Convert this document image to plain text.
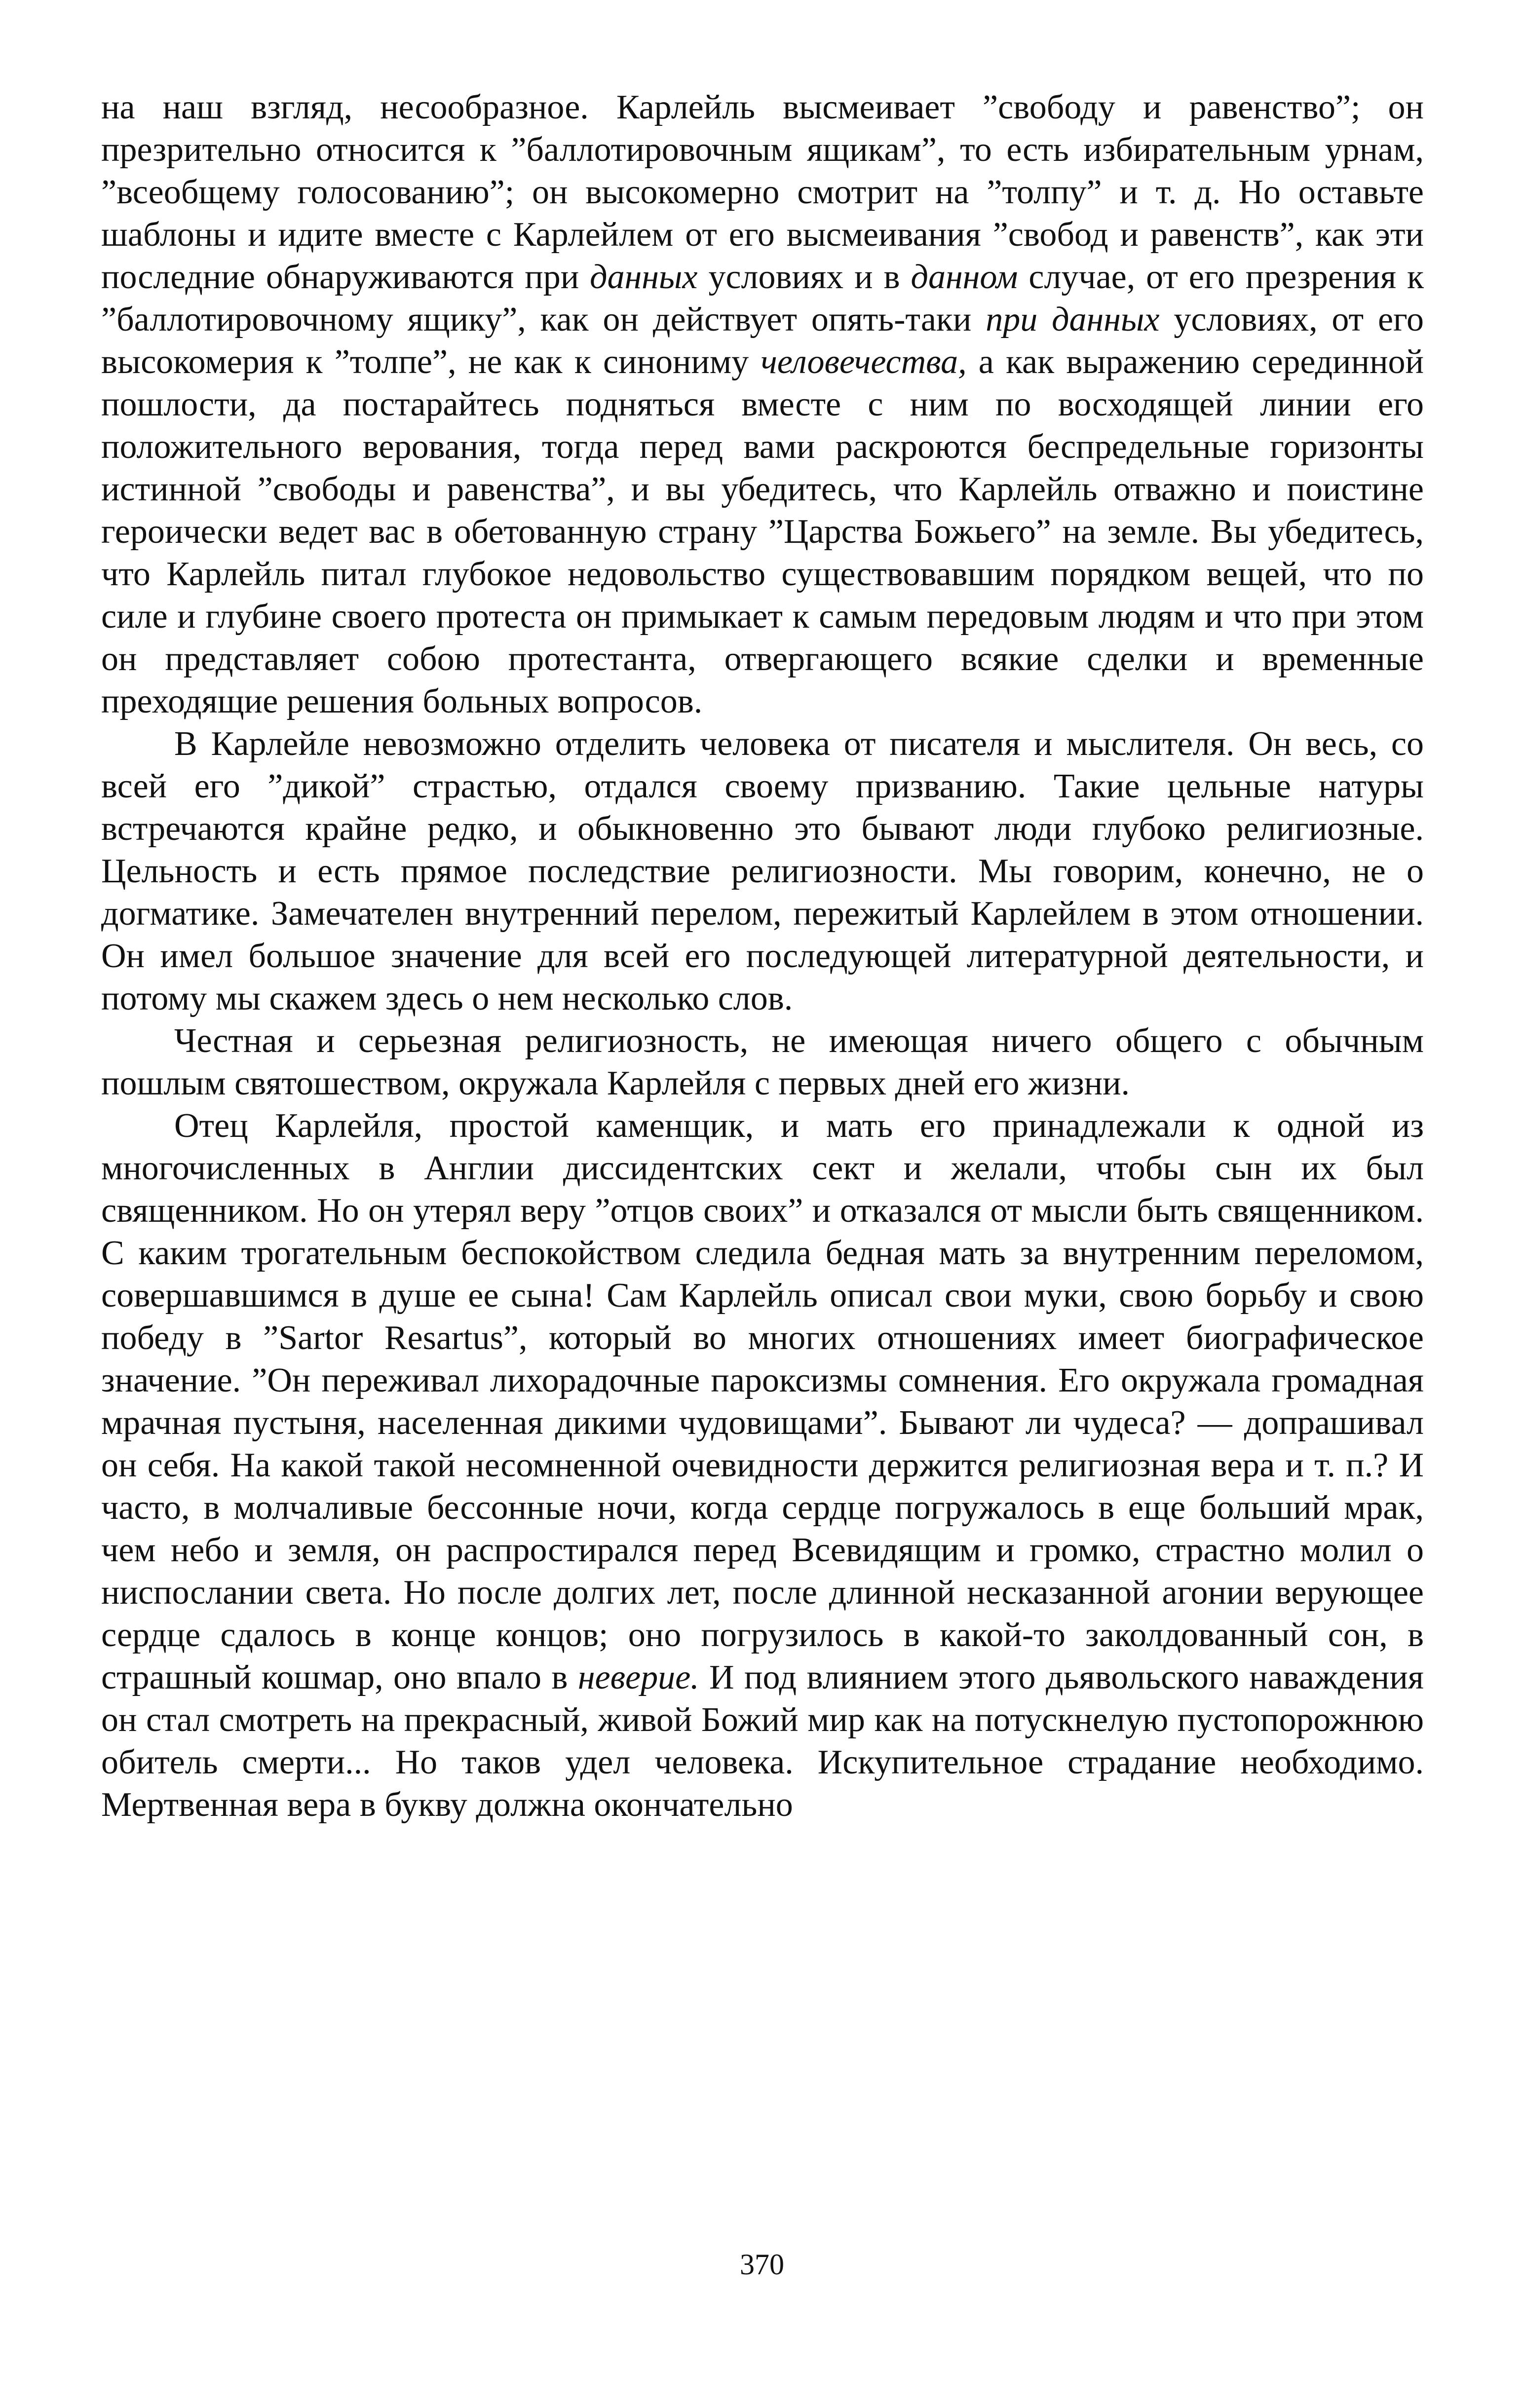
на наш взгляд, несообразное. Карлейль высмеивает ”свободу и равенство”; он презрительно относится к ”баллотировочным ящикам”, то есть избирательным урнам, ”всеобщему голосованию”; он высокомерно смотрит на ”толпу” и т. д. Но оставьте шаблоны и идите вместе с Карлейлем от его высмеивания ”свобод и равенств”, как эти последние обнаруживаются при данных условиях и в данном случае, от его презрения к ”баллотировочному ящику”, как он действует опять-таки при данных условиях, от его высокомерия к ”толпе”, не как к синониму человечества, а как выражению серединной пошлости, да постарайтесь подняться вместе с ним по восходящей линии его положительного верования, тогда перед вами раскроются беспредельные горизонты истинной ”свободы и равенства”, и вы убедитесь, что Карлейль отважно и поистине героически ведет вас в обетованную страну ”Царства Божьего” на земле. Вы убедитесь, что Карлейль питал глубокое недовольство существовавшим порядком вещей, что по силе и глубине своего протеста он примыкает к самым передовым людям и что при этом он представляет собою протестанта, отвергающего всякие сделки и временные преходящие решения больных вопросов.

В Карлейле невозможно отделить человека от писателя и мыслителя. Он весь, со всей его ”дикой” страстью, отдался своему призванию. Такие цельные натуры встречаются крайне редко, и обыкновенно это бывают люди глубоко религиозные. Цельность и есть прямое последствие религиозности. Мы говорим, конечно, не о догматике. Замечателен внутренний перелом, пережитый Карлейлем в этом отношении. Он имел большое значение для всей его последующей литературной деятельности, и потому мы скажем здесь о нем несколько слов.

Честная и серьезная религиозность, не имеющая ничего общего с обычным пошлым святошеством, окружала Карлейля с первых дней его жизни.

Отец Карлейля, простой каменщик, и мать его принадлежали к одной из многочисленных в Англии диссидентских сект и желали, чтобы сын их был священником. Но он утерял веру ”отцов своих” и отказался от мысли быть священником. С каким трогательным беспокойством следила бедная мать за внутренним переломом, совершавшимся в душе ее сына! Сам Карлейль описал свои муки, свою борьбу и свою победу в ”Sartor Resartus”, который во многих отношениях имеет биографическое значение. ”Он переживал лихорадочные пароксизмы сомнения. Его окружала громадная мрачная пустыня, населенная дикими чудовищами”. Бывают ли чудеса? — допрашивал он себя. На какой такой несомненной очевидности держится религиозная вера и т. п.? И часто, в молчаливые бессонные ночи, когда сердце погружалось в еще больший мрак, чем небо и земля, он распростирался перед Всевидящим и громко, страстно молил о ниспослании света. Но после долгих лет, после длинной несказанной агонии верующее сердце сдалось в конце концов; оно погрузилось в какой-то заколдованный сон, в страшный кошмар, оно впало в неверие. И под влиянием этого дьявольского наваждения он стал смотреть на прекрасный, живой Божий мир как на потускнелую пустопорожнюю обитель смерти... Но таков удел человека. Искупительное страдание необходимо. Мертвенная вера в букву должна окончательно

370
